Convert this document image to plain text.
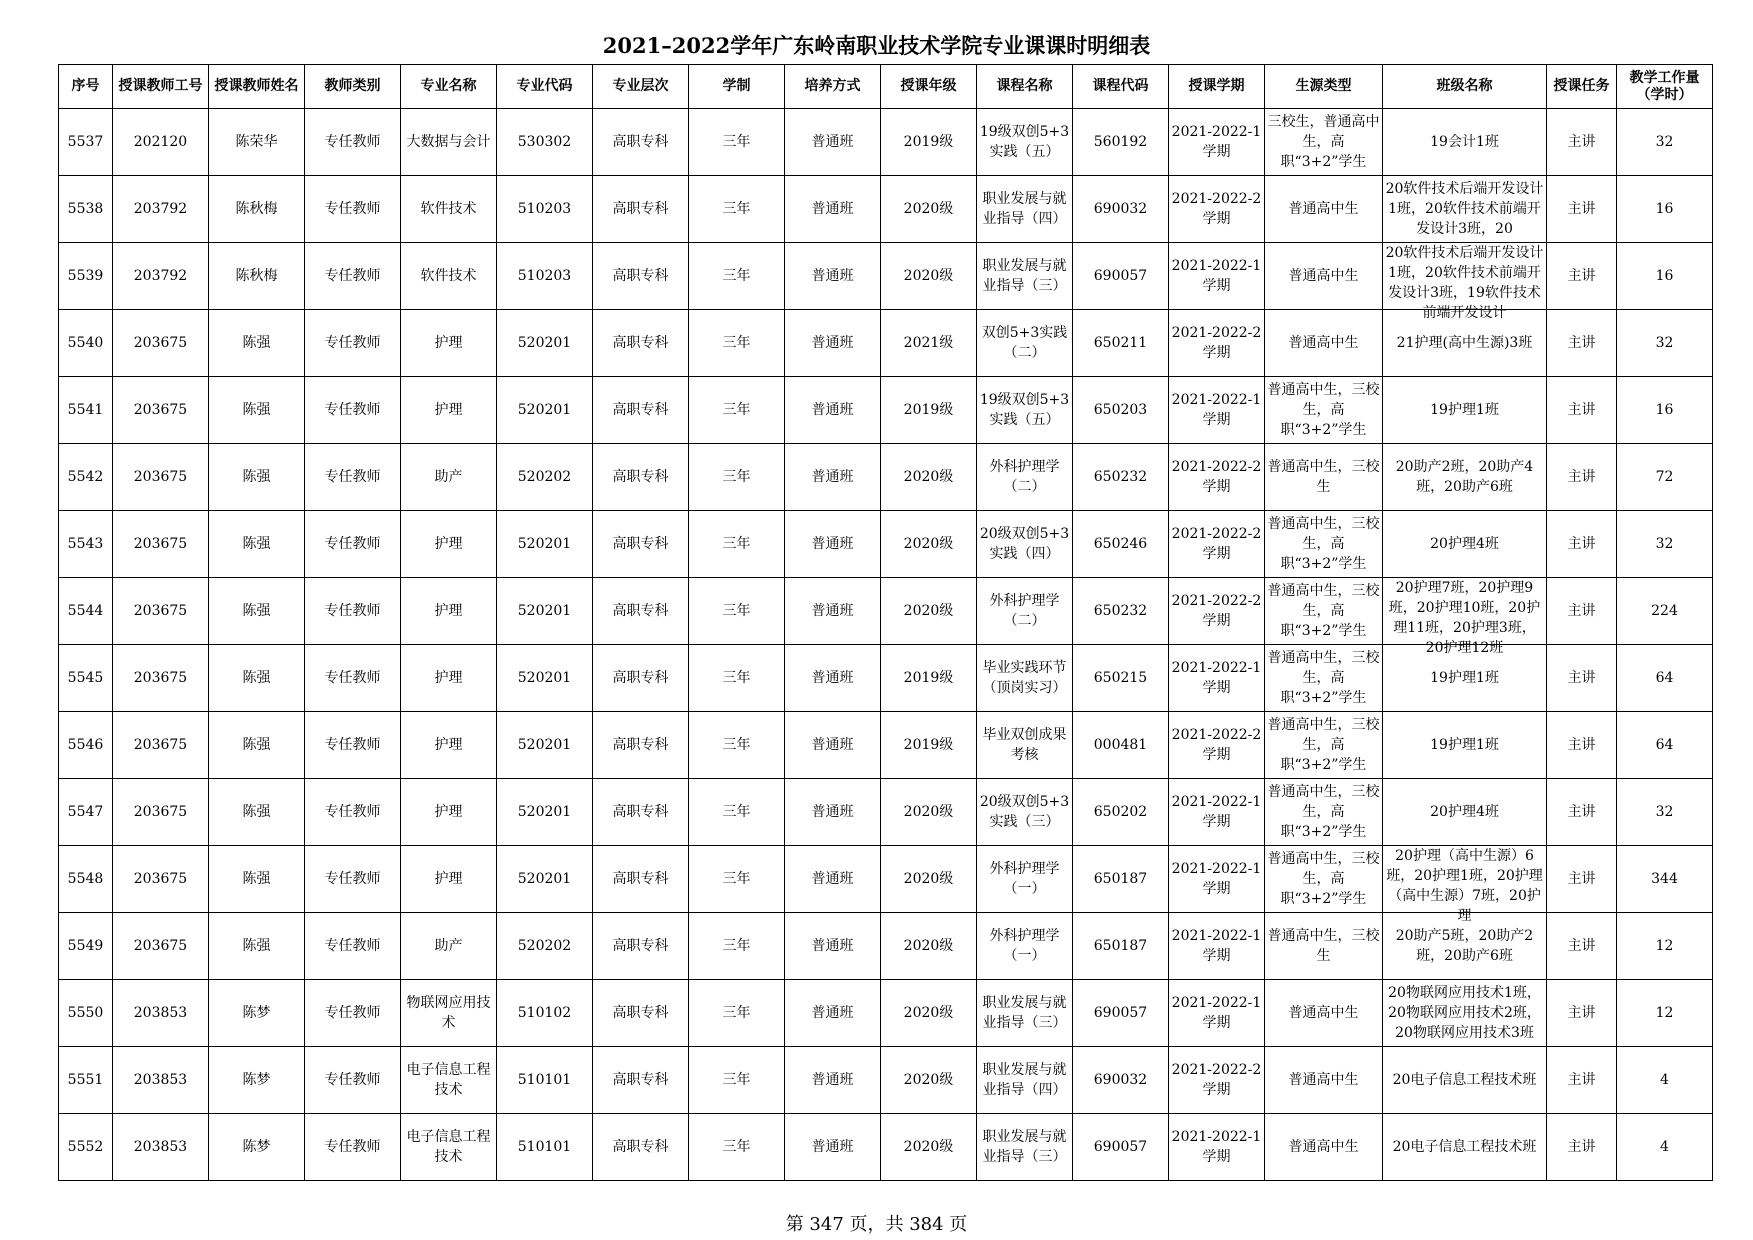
2021–2022学年广东岭南职业技术学院专业课课时明细表
序号	授课教师工号	授课教师姓名	教师类别	专业名称	专业代码	专业层次	学制	培养方式	授课年级	课程名称	课程代码	授课学期	生源类型	班级名称	授课任务	教学工作量（学时）

5537	202120	陈荣华	专任教师	大数据与会计	530302	高职专科	三年	普通班	2019级	19级双创5+3实践（五）	560192	2021-2022-1学期	三校生，普通高中生，高职“3+2”学生	19会计1班	主讲	32

5538	203792	陈秋梅	专任教师	软件技术	510203	高职专科	三年	普通班	2020级	职业发展与就业指导（四）	690032	2021-2022-2学期	普通高中生	20软件技术后端开发设计1班，20软件技术前端开发设计3班，20	主讲	16

5539	203792	陈秋梅	专任教师	软件技术	510203	高职专科	三年	普通班	2020级	职业发展与就业指导（三）	690057	2021-2022-1学期	普通高中生	20软件技术后端开发设计1班，20软件技术前端开发设计3班，19软件技术前端开发设计	主讲	16

5540	203675	陈强	专任教师	护理	520201	高职专科	三年	普通班	2021级	双创5+3实践（二）	650211	2021-2022-2学期	普通高中生	21护理(高中生源)3班	主讲	32

5541	203675	陈强	专任教师	护理	520201	高职专科	三年	普通班	2019级	19级双创5+3实践（五）	650203	2021-2022-1学期	普通高中生，三校生，高职“3+2”学生	19护理1班	主讲	16

5542	203675	陈强	专任教师	助产	520202	高职专科	三年	普通班	2020级	外科护理学（二）	650232	2021-2022-2学期	普通高中生，三校生	20助产2班，20助产4班，20助产6班	主讲	72

5543	203675	陈强	专任教师	护理	520201	高职专科	三年	普通班	2020级	20级双创5+3实践（四）	650246	2021-2022-2学期	普通高中生，三校生，高职“3+2”学生	20护理4班	主讲	32

5544	203675	陈强	专任教师	护理	520201	高职专科	三年	普通班	2020级	外科护理学（二）	650232	2021-2022-2学期	普通高中生，三校生，高职“3+2”学生	20护理7班，20护理9班，20护理10班，20护理11班，20护理3班，20护理12班	主讲	224

5545	203675	陈强	专任教师	护理	520201	高职专科	三年	普通班	2019级	毕业实践环节（顶岗实习）	650215	2021-2022-1学期	普通高中生，三校生，高职“3+2”学生	19护理1班	主讲	64

5546	203675	陈强	专任教师	护理	520201	高职专科	三年	普通班	2019级	毕业双创成果考核	000481	2021-2022-2学期	普通高中生，三校生，高职“3+2”学生	19护理1班	主讲	64

5547	203675	陈强	专任教师	护理	520201	高职专科	三年	普通班	2020级	20级双创5+3实践（三）	650202	2021-2022-1学期	普通高中生，三校生，高职“3+2”学生	20护理4班	主讲	32

5548	203675	陈强	专任教师	护理	520201	高职专科	三年	普通班	2020级	外科护理学（一）	650187	2021-2022-1学期	普通高中生，三校生，高职“3+2”学生	20护理（高中生源）6班，20护理1班，20护理（高中生源）7班，20护理	主讲	344

5549	203675	陈强	专任教师	助产	520202	高职专科	三年	普通班	2020级	外科护理学（一）	650187	2021-2022-1学期	普通高中生，三校生	20助产5班，20助产2班，20助产6班	主讲	12

5550	203853	陈梦	专任教师	物联网应用技术	510102	高职专科	三年	普通班	2020级	职业发展与就业指导（三）	690057	2021-2022-1学期	普通高中生	20物联网应用技术1班，20物联网应用技术2班，20物联网应用技术3班	主讲	12

5551	203853	陈梦	专任教师	电子信息工程技术	510101	高职专科	三年	普通班	2020级	职业发展与就业指导（四）	690032	2021-2022-2学期	普通高中生	20电子信息工程技术班	主讲	4

5552	203853	陈梦	专任教师	电子信息工程技术	510101	高职专科	三年	普通班	2020级	职业发展与就业指导（三）	690057	2021-2022-1学期	普通高中生	20电子信息工程技术班	主讲	4
第 347 页，共 384 页
